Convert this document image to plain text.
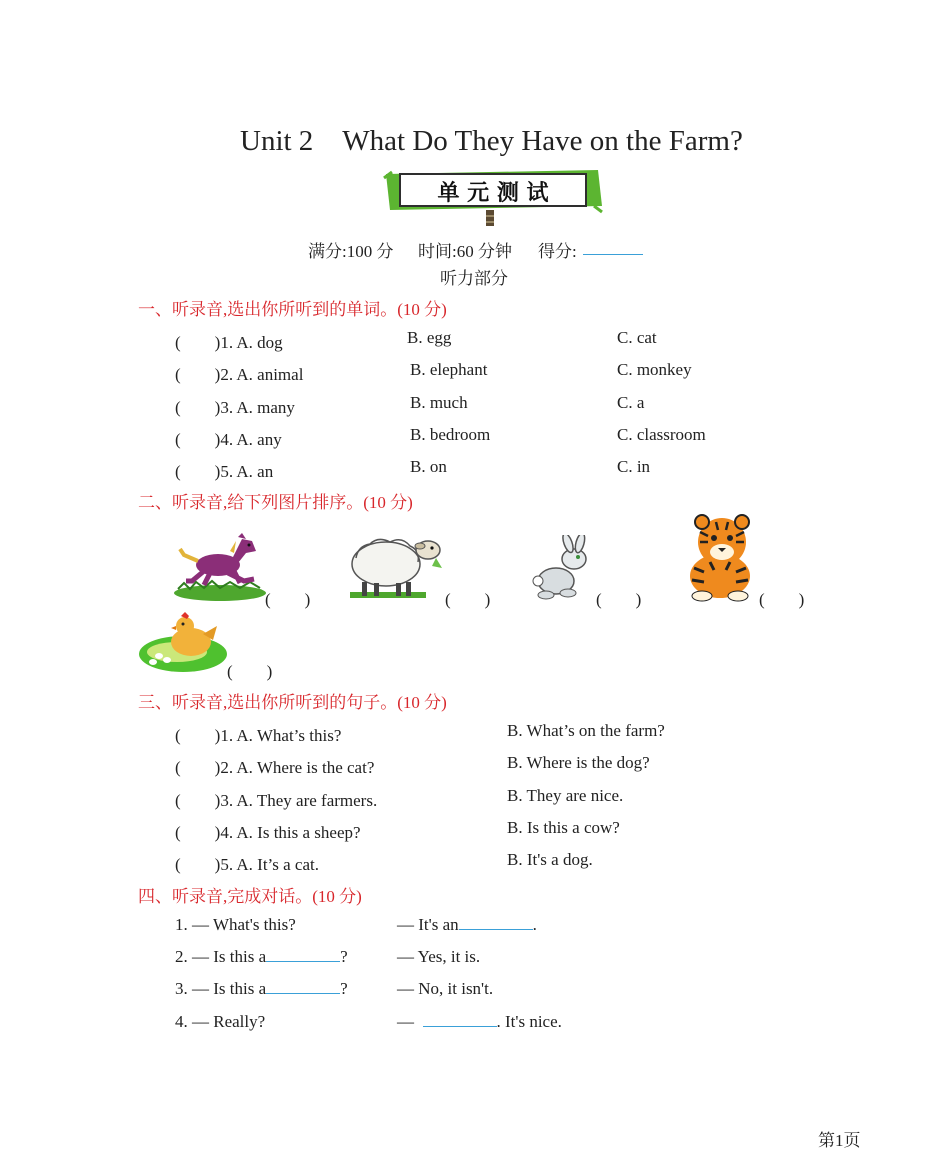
Unit 2　What Do They Have on the Farm?
单 元 测 试
满分:100 分 时间:60 分钟 得分:
听力部分
一、听录音,选出你所听到的单词。(10 分)
(　　)1. A. dog	B. egg	C. cat
(　　)2. A. animal	B. elephant	C. monkey
(　　)3. A. many	B. much	C. a
(　　)4. A. any	B. bedroom	C. classroom
(　　)5. A. an	B. on	C. in
二、听录音,给下列图片排序。(10 分)
(　　)	(　　)	(　　)	(　　)
(　　)
三、听录音,选出你所听到的句子。(10 分)
(　　)1. A. What’s this?	B. What’s on the farm?
(　　)2. A. Where is the cat?	B. Where is the dog?
(　　)3. A. They are farmers.	B. They are nice.
(　　)4. A. Is this a sheep?	B. Is this a cow?
(　　)5. A. It’s a cat.	B. It's a dog.
四、听录音,完成对话。(10 分)
1. — What's this?	— It's an	.
2. — Is this a	?	— Yes, it is.
3. — Is this a	?	— No, it isn't.
4. — Really?	—	. It's nice.
第1页
